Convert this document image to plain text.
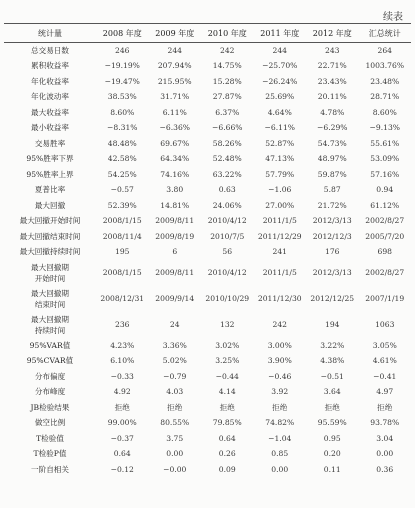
续表
统计量	2008 年度	2009 年度	2010 年度	2011 年度	2012 年度	汇总统计
总交易日数	246	244	242	244	243	264
累积收益率	−19.19%	207.94%	14.75%	−25.70%	22.71%	1003.76%
年化收益率	−19.47%	215.95%	15.28%	−26.24%	23.43%	23.48%
年化波动率	38.53%	31.71%	27.87%	25.69%	20.11%	28.71%
最大收益率	8.60%	6.11%	6.37%	4.64%	4.78%	8.60%
最小收益率	−8.31%	−6.36%	−6.66%	−6.11%	−6.29%	−9.13%
交易胜率	48.48%	69.67%	58.26%	52.87%	54.73%	55.61%
95%胜率下界	42.58%	64.34%	52.48%	47.13%	48.97%	53.09%
95%胜率上界	54.25%	74.16%	63.22%	57.79%	59.87%	57.16%
夏普比率	−0.57	3.80	0.63	−1.06	5.87	0.94
最大回撤	52.39%	14.81%	24.06%	27.00%	21.72%	61.12%
最大回撤开始时间	2008/1/15	2009/8/11	2010/4/12	2011/1/5	2012/3/13	2002/8/27
最大回撤结束时间	2008/11/4	2009/8/19	2010/7/5	2011/12/29	2012/12/3	2005/7/20
最大回撤持续时间	195	6	56	241	176	698

最大回撤期
开始时间	2008/1/15	2009/8/11	2010/4/12	2011/1/5	2012/3/13	2002/8/27

最大回撤期
结束时间	2008/12/31	2009/9/14	2010/10/29	2011/12/30	2012/12/25	2007/1/19

最大回撤期
持续时间	236	24	132	242	194	1063
95%VAR值	4.23%	3.36%	3.02%	3.00%	3.22%	3.05%
95%CVAR值	6.10%	5.02%	3.25%	3.90%	4.38%	4.61%
分布偏度	−0.33	−0.79	−0.44	−0.46	−0.51	−0.41
分布峰度	4.92	4.03	4.14	3.92	3.64	4.97
JB检验结果	拒绝	拒绝	拒绝	拒绝	拒绝	拒绝
做空比例	99.00%	80.55%	79.85%	74.82%	95.59%	93.78%
T检验值	−0.37	3.75	0.64	−1.04	0.95	3.04
T检验P值	0.64	0.00	0.26	0.85	0.20	0.00
一阶自相关	−0.12	−0.00	0.09	0.00	0.11	0.36
